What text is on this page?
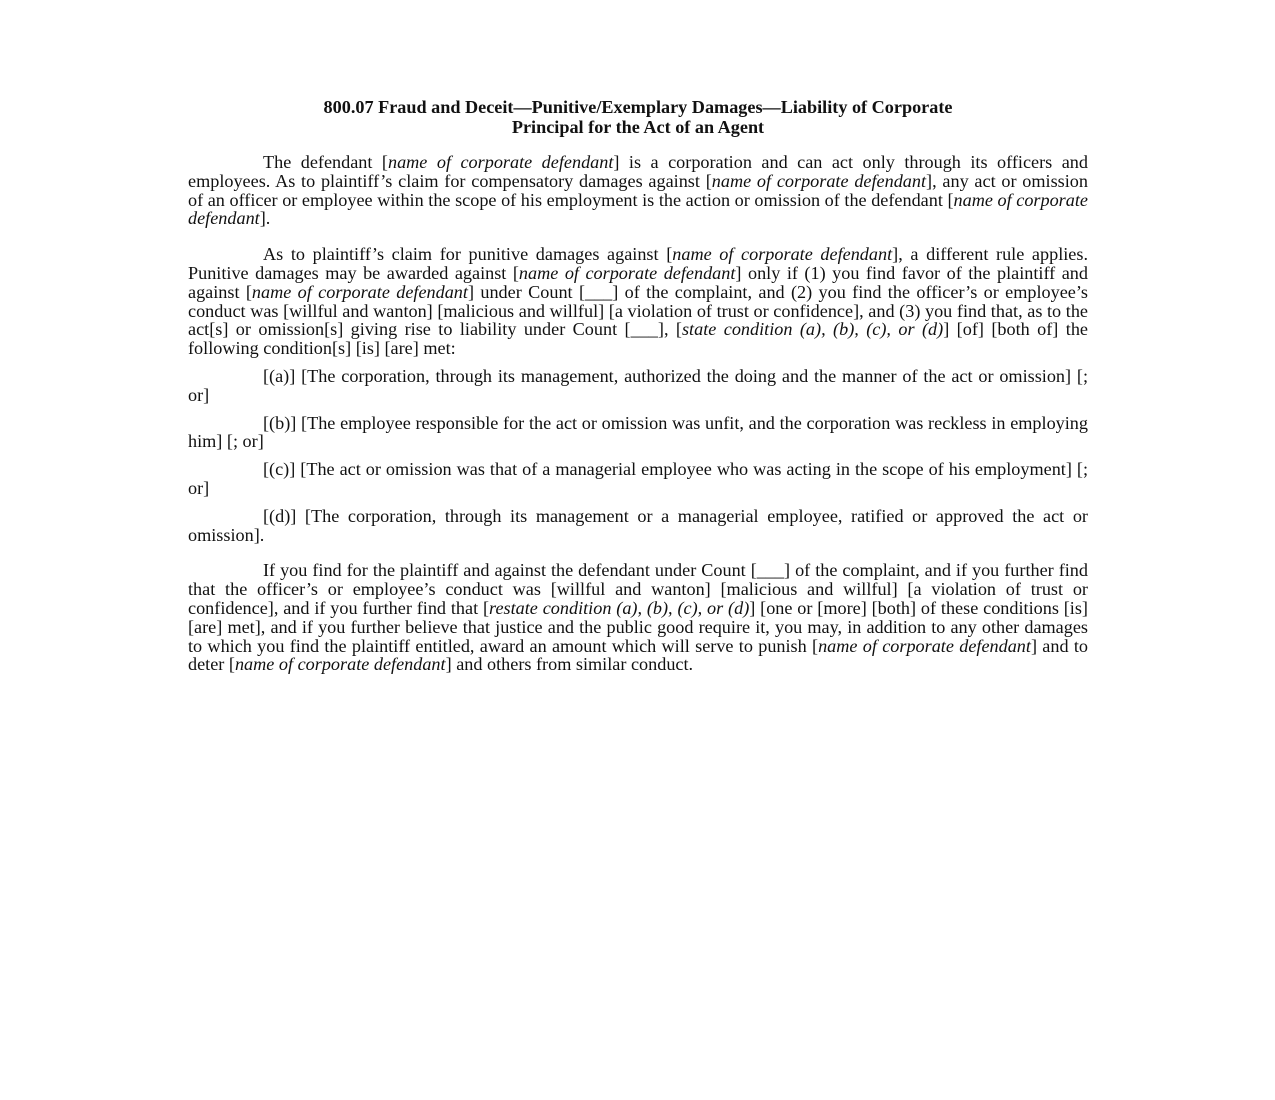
800.07 Fraud and Deceit—Punitive/Exemplary Damages—Liability of Corporate
Principal for the Act of an Agent

The defendant [name of corporate defendant] is a corporation and can act only through its officers and employees. As to plaintiff’s claim for compensatory damages against [name of corporate defendant], any act or omission of an officer or employee within the scope of his employment is the action or omission of the defendant [name of corporate defendant].

As to plaintiff’s claim for punitive damages against [name of corporate defendant], a different rule applies. Punitive damages may be awarded against [name of corporate defendant] only if (1) you find favor of the plaintiff and against [name of corporate defendant] under Count [___] of the complaint, and (2) you find the officer’s or employee’s conduct was [willful and wanton] [malicious and willful] [a violation of trust or confidence], and (3) you find that, as to the act[s] or omission[s] giving rise to liability under Count [___], [state condition (a), (b), (c), or (d)] [of] [both of] the following condition[s] [is] [are] met:

[(a)] [The corporation, through its management, authorized the doing and the manner of the act or omission] [; or]

[(b)] [The employee responsible for the act or omission was unfit, and the corporation was reckless in employing him] [; or]

[(c)] [The act or omission was that of a managerial employee who was acting in the scope of his employment] [; or]

[(d)] [The corporation, through its management or a managerial employee, ratified or approved the act or omission].

If you find for the plaintiff and against the defendant under Count [___] of the complaint, and if you further find that the officer’s or employee’s conduct was [willful and wanton] [malicious and willful] [a violation of trust or confidence], and if you further find that [restate condition (a), (b), (c), or (d)] [one or [more] [both] of these conditions [is] [are] met], and if you further believe that justice and the public good require it, you may, in addition to any other damages to which you find the plaintiff entitled, award an amount which will serve to punish [name of corporate defendant] and to deter [name of corporate defendant] and others from similar conduct.
